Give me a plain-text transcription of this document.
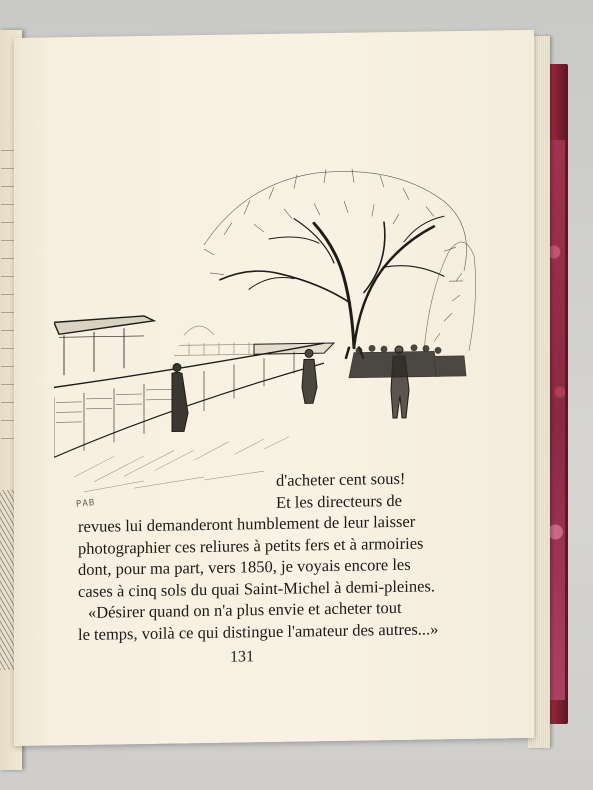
PAB
d'acheter cent sous!
Et les directeurs de
revues lui demanderont humblement de leur laisser
photographier ces reliures à petits fers et à armoiries
dont, pour ma part, vers 1850, je voyais encore les
cases à cinq sols du quai Saint-Michel à demi-pleines.
«Désirer quand on n'a plus envie et acheter tout
le temps, voilà ce qui distingue l'amateur des autres...»
131
